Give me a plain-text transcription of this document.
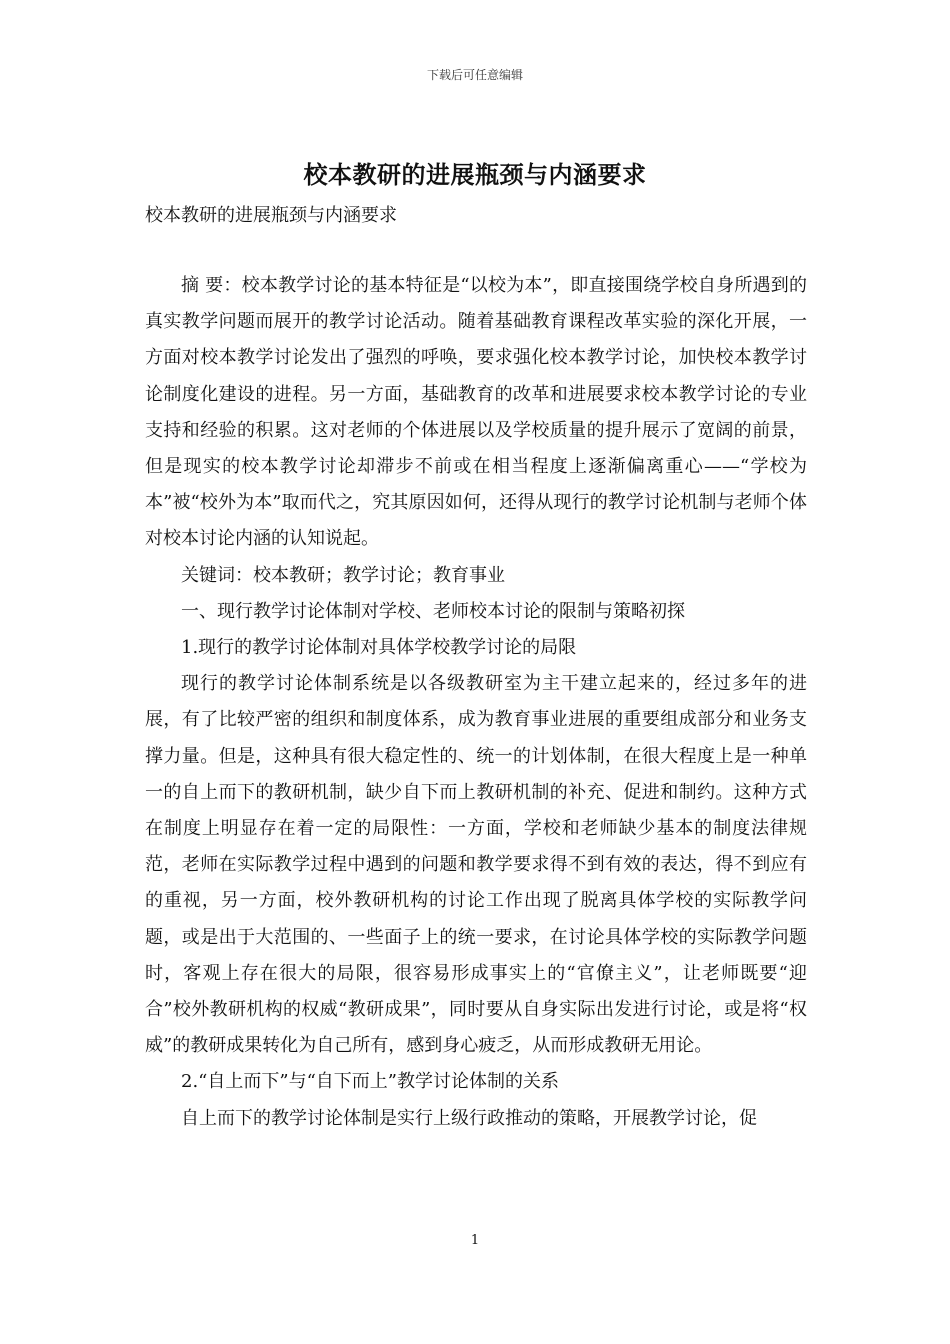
下载后可任意编辑
校本教研的进展瓶颈与内涵要求
校本教研的进展瓶颈与内涵要求

摘 要：校本教学讨论的基本特征是“以校为本”，即直接围绕学校自身所遇到的真实教学问题而展开的教学讨论活动。随着基础教育课程改革实验的深化开展，一方面对校本教学讨论发出了强烈的呼唤，要求强化校本教学讨论，加快校本教学讨论制度化建设的进程。另一方面，基础教育的改革和进展要求校本教学讨论的专业支持和经验的积累。这对老师的个体进展以及学校质量的提升展示了宽阔的前景，但是现实的校本教学讨论却滞步不前或在相当程度上逐渐偏离重心——“学校为本”被“校外为本”取而代之，究其原因如何，还得从现行的教学讨论机制与老师个体对校本讨论内涵的认知说起。

关键词：校本教研；教学讨论；教育事业

一、现行教学讨论体制对学校、老师校本讨论的限制与策略初探

1.现行的教学讨论体制对具体学校教学讨论的局限

现行的教学讨论体制系统是以各级教研室为主干建立起来的，经过多年的进展，有了比较严密的组织和制度体系，成为教育事业进展的重要组成部分和业务支撑力量。但是，这种具有很大稳定性的、统一的计划体制，在很大程度上是一种单一的自上而下的教研机制，缺少自下而上教研机制的补充、促进和制约。这种方式在制度上明显存在着一定的局限性：一方面，学校和老师缺少基本的制度法律规范，老师在实际教学过程中遇到的问题和教学要求得不到有效的表达，得不到应有的重视，另一方面，校外教研机构的讨论工作出现了脱离具体学校的实际教学问题，或是出于大范围的、一些面子上的统一要求，在讨论具体学校的实际教学问题时，客观上存在很大的局限，很容易形成事实上的“官僚主义”，让老师既要“迎合”校外教研机构的权威“教研成果”，同时要从自身实际出发进行讨论，或是将“权威”的教研成果转化为自己所有，感到身心疲乏，从而形成教研无用论。

2.“自上而下”与“自下而上”教学讨论体制的关系

自上而下的教学讨论体制是实行上级行政推动的策略，开展教学讨论，促

1
